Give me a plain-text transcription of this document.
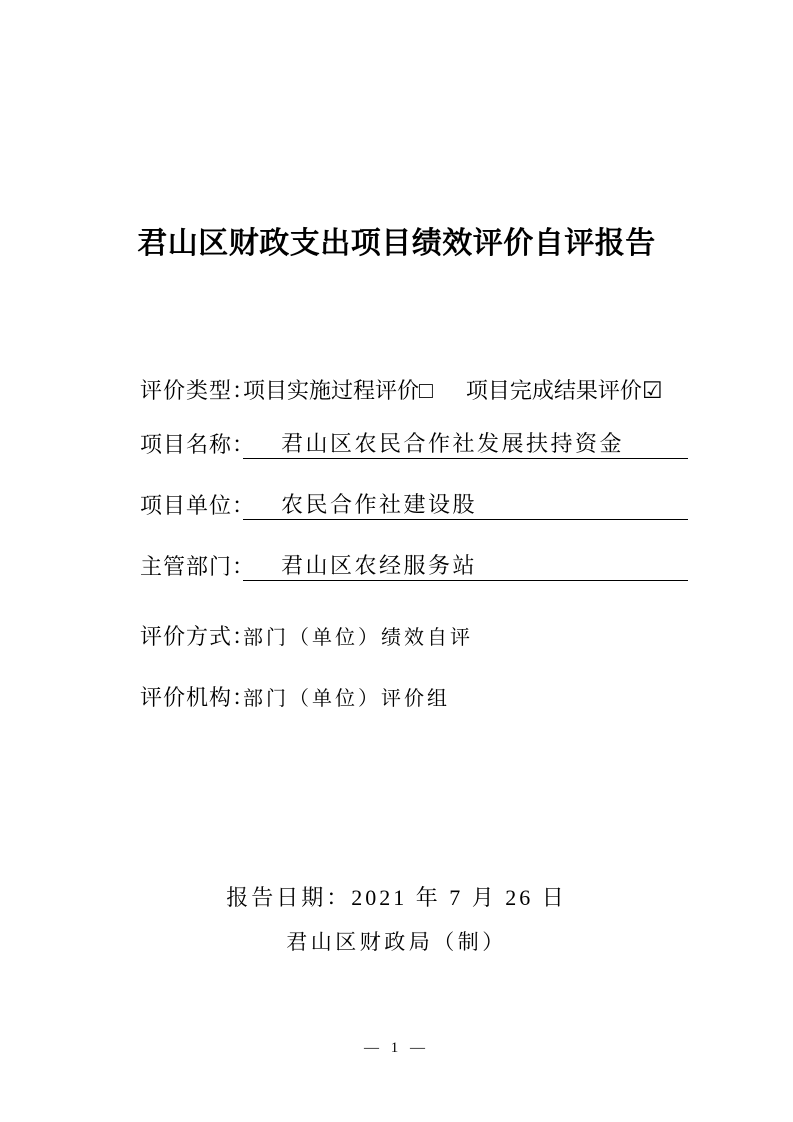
君山区财政支出项目绩效评价自评报告
评价类型：
项目实施过程评价 □ 项目完成结果评价 ☑
项目名称：	君山区农民合作社发展扶持资金
项目单位：	农民合作社建设股
主管部门：	君山区农经服务站
评价方式：
部门（单位）绩效自评
评价机构：
部门（单位）评价组
报告日期：2021 年 7 月 26 日
君山区财政局（制）
— 1 —
